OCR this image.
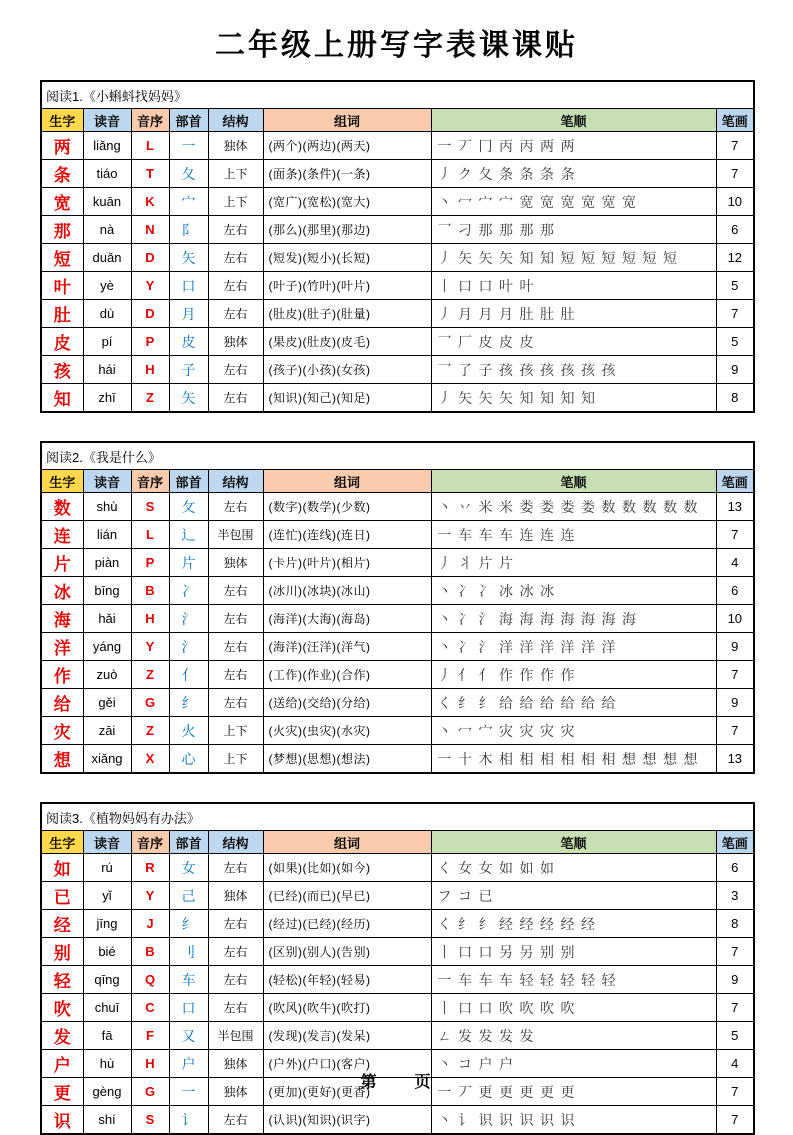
二年级上册写字表课课贴
阅读1.《小蝌蚪找妈妈》							
生字	读音	音序	部首	结构	组词	笔顺	笔画
两	liǎng	L	一	独体	(两个)(两边)(两天)	一 丆 冂 丙 丙 两 两	7
条	tiáo	T	夂	上下	(面条)(条件)(一条)	丿 ク 夂 条 条 条 条	7
宽	kuān	K	宀	上下	(宽广)(宽松)(宽大)	丶 冖 宀 宀 宽 宽 宽 宽 宽 宽	10
那	nà	N	阝	左右	(那么)(那里)(那边)	乛 刁 那 那 那 那	6
短	duǎn	D	矢	左右	(短发)(短小)(长短)	丿 矢 矢 矢 知 知 短 短 短 短 短 短	12
叶	yè	Y	口	左右	(叶子)(竹叶)(叶片)	丨 口 口 叶 叶	5
肚	dù	D	月	左右	(肚皮)(肚子)(肚量)	丿 月 月 月 肚 肚 肚	7
皮	pí	P	皮	独体	(果皮)(肚皮)(皮毛)	乛 厂 皮 皮 皮	5
孩	hái	H	子	左右	(孩子)(小孩)(女孩)	乛 了 子 孩 孩 孩 孩 孩 孩	9
知	zhī	Z	矢	左右	(知识)(知己)(知足)	丿 矢 矢 矢 知 知 知 知	8
阅读2.《我是什么》							
生字	读音	音序	部首	结构	组词	笔顺	笔画
数	shù	S	攵	左右	(数字)(数学)(少数)	丶 丷 米 米 娄 娄 娄 娄 数 数 数 数 数	13
连	lián	L	辶	半包围	(连忙)(连线)(连日)	一 车 车 车 连 连 连	7
片	piàn	P	片	独体	(卡片)(叶片)(相片)	丿 丬 片 片	4
冰	bīng	B	冫	左右	(冰川)(冰块)(冰山)	丶 冫 冫 冰 冰 冰	6
海	hǎi	H	氵	左右	(海洋)(大海)(海岛)	丶 冫 氵 海 海 海 海 海 海 海	10
洋	yáng	Y	氵	左右	(海洋)(汪洋)(洋气)	丶 冫 氵 洋 洋 洋 洋 洋 洋	9
作	zuò	Z	亻	左右	(工作)(作业)(合作)	丿 亻 亻 作 作 作 作	7
给	gěi	G	纟	左右	(送给)(交给)(分给)	く 纟 纟 给 给 给 给 给 给	9
灾	zāi	Z	火	上下	(火灾)(虫灾)(水灾)	丶 冖 宀 灾 灾 灾 灾	7
想	xiǎng	X	心	上下	(梦想)(思想)(想法)	一 十 木 相 相 相 相 相 相 想 想 想 想	13
阅读3.《植物妈妈有办法》							
生字	读音	音序	部首	结构	组词	笔顺	笔画
如	rú	R	女	左右	(如果)(比如)(如今)	く 女 女 如 如 如	6
已	yǐ	Y	己	独体	(已经)(而已)(早已)	フ コ 已	3
经	jīng	J	纟	左右	(经过)(已经)(经历)	く 纟 纟 经 经 经 经 经	8
别	bié	B	刂	左右	(区别)(别人)(告别)	丨 口 口 另 另 别 别	7
轻	qīng	Q	车	左右	(轻松)(年轻)(轻易)	一 车 车 车 轻 轻 轻 轻 轻	9
吹	chuī	C	口	左右	(吹风)(吹牛)(吹打)	丨 口 口 吹 吹 吹 吹	7
发	fā	F	又	半包围	(发现)(发言)(发呆)	ㄥ 发 发 发 发	5
户	hù	H	户	独体	(户外)(户口)(客户)	丶 コ 户 户	4
更	gèng	G	一	独体	(更加)(更好)(更香)	一 丆 更 更 更 更 更	7
识	shí	S	讠	左右	(认识)(知识)(识字)	丶 讠 识 识 识 识 识	7
第　　页
